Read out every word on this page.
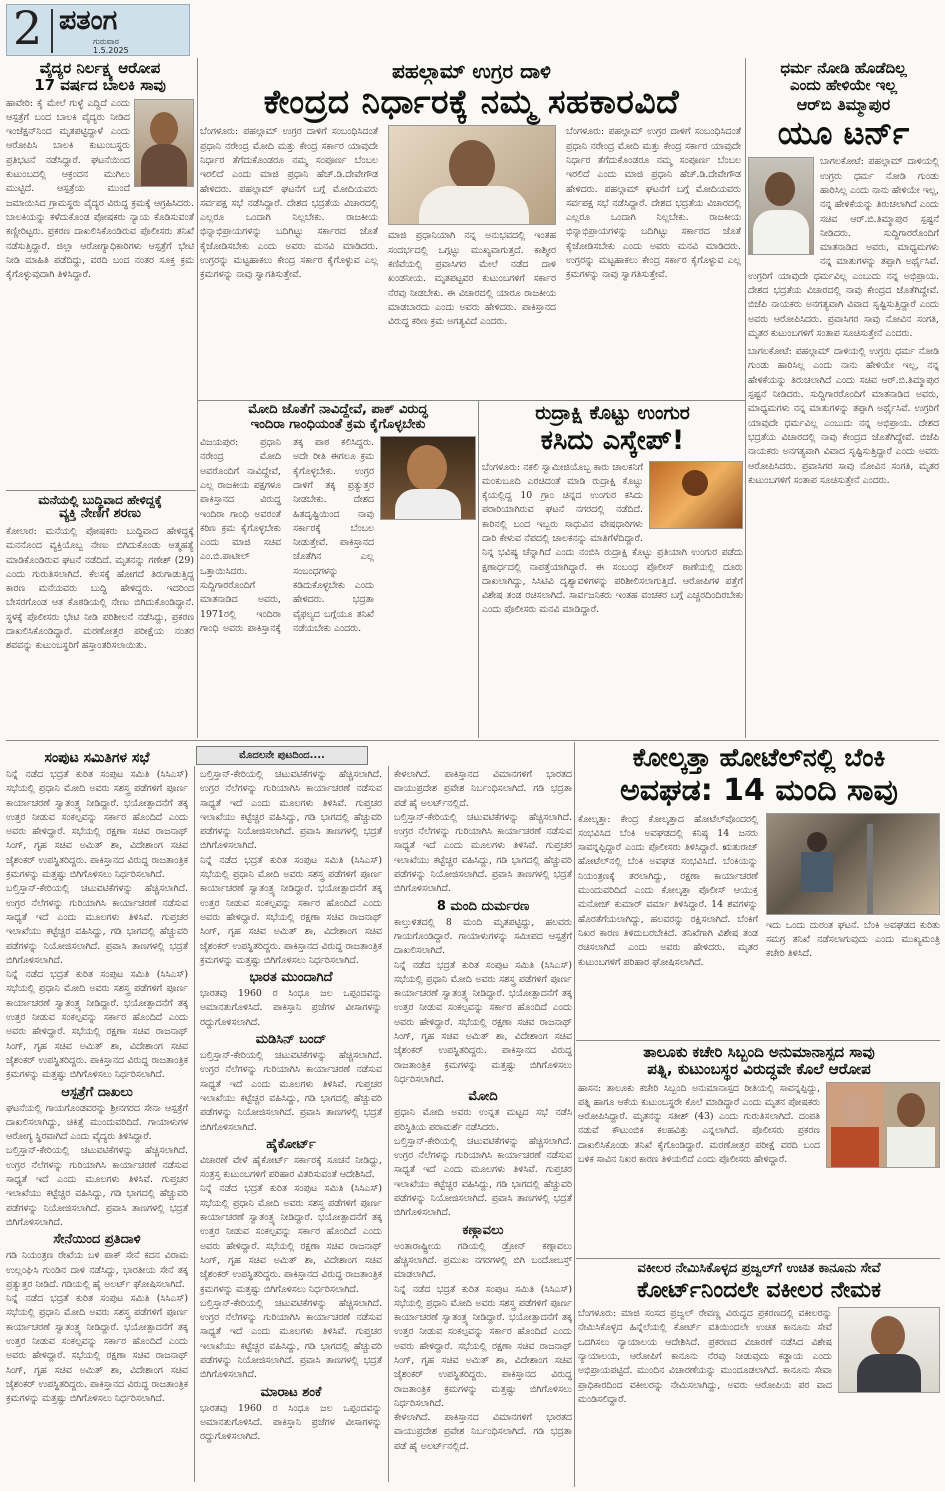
2 ಪತಂಗ
ಗುರುವಾರ
1.5.2025
ವೈದ್ಯರ ನಿರ್ಲಕ್ಷ್ಯ ಆರೋಪ
17 ವರ್ಷದ ಬಾಲಕಿ ಸಾವು
ಹಾವೇರಿ: ಕೈ ಮೇಲೆ ಗುಳ್ಳೆ ಎದ್ದಿದೆ ಎಂದು ಆಸ್ಪತ್ರೆಗೆ ಬಂದ ಬಾಲಕಿ ವೈದ್ಯರು ನೀಡಿದ ಇಂಜೆಕ್ಷನ್‌ನಿಂದ ಮೃತಪಟ್ಟಿದ್ದಾಳೆ ಎಂದು ಆರೋಪಿಸಿ ಬಾಲಕಿ ಕುಟುಂಬಸ್ಥರು ಪ್ರತಿಭಟನೆ ನಡೆಸಿದ್ದಾರೆ. ಘಟನೆಯಿಂದ ಕುಟುಂಬದಲ್ಲಿ ಆಕ್ರಂದನ ಮುಗಿಲು ಮುಟ್ಟಿದೆ. ಆಸ್ಪತ್ರೆಯ ಮುಂದೆ ಜಮಾಯಿಸಿದ ಗ್ರಾಮಸ್ಥರು ವೈದ್ಯರ ವಿರುದ್ಧ ಕ್ರಮಕ್ಕೆ ಆಗ್ರಹಿಸಿದರು. ಬಾಲಕಿಯನ್ನು ಕಳೆದುಕೊಂಡ ಪೋಷಕರು ನ್ಯಾಯ ಕೊಡಿಸುವಂತೆ ಕಣ್ಣೀರಿಟ್ಟರು. ಪ್ರಕರಣ ದಾಖಲಿಸಿಕೊಂಡಿರುವ ಪೊಲೀಸರು ತನಿಖೆ ನಡೆಸುತ್ತಿದ್ದಾರೆ. ಜಿಲ್ಲಾ ಆರೋಗ್ಯಾಧಿಕಾರಿಗಳು ಆಸ್ಪತ್ರೆಗೆ ಭೇಟಿ ನೀಡಿ ಮಾಹಿತಿ ಪಡೆದಿದ್ದು, ವರದಿ ಬಂದ ನಂತರ ಸೂಕ್ತ ಕ್ರಮ ಕೈಗೊಳ್ಳುವುದಾಗಿ ತಿಳಿಸಿದ್ದಾರೆ.
ಮನೆಯಲ್ಲಿ ಬುದ್ಧಿವಾದ ಹೇಳಿದ್ದಕ್ಕೆ
ವ್ಯಕ್ತಿ ನೇಣಿಗೆ ಶರಣು
ಕೋಲಾರ: ಮನೆಯಲ್ಲಿ ಪೋಷಕರು ಬುದ್ಧಿವಾದ ಹೇಳಿದ್ದಕ್ಕೆ ಮನನೊಂದ ವ್ಯಕ್ತಿಯೊಬ್ಬ ನೇಣು ಬಿಗಿದುಕೊಂಡು ಆತ್ಮಹತ್ಯೆ ಮಾಡಿಕೊಂಡಿರುವ ಘಟನೆ ನಡೆದಿದೆ. ಮೃತನನ್ನು ಗಣೇಶ್ (29) ಎಂದು ಗುರುತಿಸಲಾಗಿದೆ. ಕೆಲಸಕ್ಕೆ ಹೋಗದೆ ತಿರುಗಾಡುತ್ತಿದ್ದ ಕಾರಣ ಮನೆಯವರು ಬುದ್ಧಿ ಹೇಳಿದ್ದರು. ಇದರಿಂದ ಬೇಸರಗೊಂಡ ಆತ ಕೊಠಡಿಯಲ್ಲಿ ನೇಣು ಬಿಗಿದುಕೊಂಡಿದ್ದಾನೆ. ಸ್ಥಳಕ್ಕೆ ಪೊಲೀಸರು ಭೇಟಿ ನೀಡಿ ಪರಿಶೀಲನೆ ನಡೆಸಿದ್ದು, ಪ್ರಕರಣ ದಾಖಲಿಸಿಕೊಂಡಿದ್ದಾರೆ. ಮರಣೋತ್ತರ ಪರೀಕ್ಷೆಯ ನಂತರ ಶವವನ್ನು ಕುಟುಂಬಸ್ಥರಿಗೆ ಹಸ್ತಾಂತರಿಸಲಾಯಿತು.
ಪಹಲ್ಗಾಮ್ ಉಗ್ರರ ದಾಳಿ
ಕೇಂದ್ರದ ನಿರ್ಧಾರಕ್ಕೆ ನಮ್ಮ ಸಹಕಾರವಿದೆ
ಬೆಂಗಳೂರು: ಪಹಲ್ಗಾಮ್ ಉಗ್ರರ ದಾಳಿಗೆ ಸಂಬಂಧಿಸಿದಂತೆ ಪ್ರಧಾನಿ ನರೇಂದ್ರ ಮೋದಿ ಮತ್ತು ಕೇಂದ್ರ ಸರ್ಕಾರ ಯಾವುದೇ ನಿರ್ಧಾರ ತೆಗೆದುಕೊಂಡರೂ ನಮ್ಮ ಸಂಪೂರ್ಣ ಬೆಂಬಲ ಇರಲಿದೆ ಎಂದು ಮಾಜಿ ಪ್ರಧಾನಿ ಹೆಚ್.ಡಿ.ದೇವೇಗೌಡ ಹೇಳಿದರು. ಪಹಲ್ಗಾಮ್ ಘಟನೆಗೆ ಬಗ್ಗೆ ಮೋದಿಯವರು ಸರ್ವಪಕ್ಷ ಸಭೆ ನಡೆಸಿದ್ದಾರೆ. ದೇಶದ ಭದ್ರತೆಯ ವಿಚಾರದಲ್ಲಿ ಎಲ್ಲರೂ ಒಂದಾಗಿ ನಿಲ್ಲಬೇಕು. ರಾಜಕೀಯ ಭಿನ್ನಾಭಿಪ್ರಾಯಗಳನ್ನು ಬದಿಗಿಟ್ಟು ಸರ್ಕಾರದ ಜೊತೆ ಕೈಜೋಡಿಸಬೇಕು ಎಂದು ಅವರು ಮನವಿ ಮಾಡಿದರು. ಉಗ್ರರನ್ನು ಮಟ್ಟಹಾಕಲು ಕೇಂದ್ರ ಸರ್ಕಾರ ಕೈಗೊಳ್ಳುವ ಎಲ್ಲ ಕ್ರಮಗಳನ್ನು ನಾವು ಸ್ವಾಗತಿಸುತ್ತೇವೆ.
ಮಾಜಿ ಪ್ರಧಾನಿಯಾಗಿ ನನ್ನ ಅನುಭವದಲ್ಲಿ ಇಂತಹ ಸಂದರ್ಭದಲ್ಲಿ ಒಗ್ಗಟ್ಟು ಮುಖ್ಯವಾಗುತ್ತದೆ. ಕಾಶ್ಮೀರ ಕಣಿವೆಯಲ್ಲಿ ಪ್ರವಾಸಿಗರ ಮೇಲೆ ನಡೆದ ದಾಳಿ ಖಂಡನೀಯ. ಮೃತಪಟ್ಟವರ ಕುಟುಂಬಗಳಿಗೆ ಸರ್ಕಾರ ನೆರವು ನೀಡಬೇಕು. ಈ ವಿಚಾರದಲ್ಲಿ ಯಾರೂ ರಾಜಕೀಯ ಮಾಡಬಾರದು ಎಂದು ಅವರು ಹೇಳಿದರು. ಪಾಕಿಸ್ತಾನದ ವಿರುದ್ಧ ಕಠಿಣ ಕ್ರಮ ಅಗತ್ಯವಿದೆ ಎಂದರು.
ಬೆಂಗಳೂರು: ಪಹಲ್ಗಾಮ್ ಉಗ್ರರ ದಾಳಿಗೆ ಸಂಬಂಧಿಸಿದಂತೆ ಪ್ರಧಾನಿ ನರೇಂದ್ರ ಮೋದಿ ಮತ್ತು ಕೇಂದ್ರ ಸರ್ಕಾರ ಯಾವುದೇ ನಿರ್ಧಾರ ತೆಗೆದುಕೊಂಡರೂ ನಮ್ಮ ಸಂಪೂರ್ಣ ಬೆಂಬಲ ಇರಲಿದೆ ಎಂದು ಮಾಜಿ ಪ್ರಧಾನಿ ಹೆಚ್.ಡಿ.ದೇವೇಗೌಡ ಹೇಳಿದರು. ಪಹಲ್ಗಾಮ್ ಘಟನೆಗೆ ಬಗ್ಗೆ ಮೋದಿಯವರು ಸರ್ವಪಕ್ಷ ಸಭೆ ನಡೆಸಿದ್ದಾರೆ. ದೇಶದ ಭದ್ರತೆಯ ವಿಚಾರದಲ್ಲಿ ಎಲ್ಲರೂ ಒಂದಾಗಿ ನಿಲ್ಲಬೇಕು. ರಾಜಕೀಯ ಭಿನ್ನಾಭಿಪ್ರಾಯಗಳನ್ನು ಬದಿಗಿಟ್ಟು ಸರ್ಕಾರದ ಜೊತೆ ಕೈಜೋಡಿಸಬೇಕು ಎಂದು ಅವರು ಮನವಿ ಮಾಡಿದರು. ಉಗ್ರರನ್ನು ಮಟ್ಟಹಾಕಲು ಕೇಂದ್ರ ಸರ್ಕಾರ ಕೈಗೊಳ್ಳುವ ಎಲ್ಲ ಕ್ರಮಗಳನ್ನು ನಾವು ಸ್ವಾಗತಿಸುತ್ತೇವೆ.
ಧರ್ಮ ನೋಡಿ ಹೊಡೆದಿಲ್ಲ
ಎಂದು ಹೇಳಿಯೇ ಇಲ್ಲ
ಆರ್‌ಬಿ ತಿಮ್ಮಾಪುರ
ಯೂ ಟರ್ನ್
ಬಾಗಲಕೋಟೆ: ಪಹಲ್ಗಾಮ್ ದಾಳಿಯಲ್ಲಿ ಉಗ್ರರು ಧರ್ಮ ನೋಡಿ ಗುಂಡು ಹಾರಿಸಿಲ್ಲ ಎಂದು ನಾನು ಹೇಳಿಯೇ ಇಲ್ಲ, ನನ್ನ ಹೇಳಿಕೆಯನ್ನು ತಿರುಚಲಾಗಿದೆ ಎಂದು ಸಚಿವ ಆರ್.ಬಿ.ತಿಮ್ಮಾಪುರ ಸ್ಪಷ್ಟನೆ ನೀಡಿದರು. ಸುದ್ದಿಗಾರರೊಂದಿಗೆ ಮಾತನಾಡಿದ ಅವರು, ಮಾಧ್ಯಮಗಳು ನನ್ನ ಮಾತುಗಳನ್ನು ತಪ್ಪಾಗಿ ಅರ್ಥೈಸಿವೆ. ಉಗ್ರರಿಗೆ ಯಾವುದೇ ಧರ್ಮವಿಲ್ಲ ಎಂಬುದು ನನ್ನ ಅಭಿಪ್ರಾಯ. ದೇಶದ ಭದ್ರತೆಯ ವಿಚಾರದಲ್ಲಿ ನಾವು ಕೇಂದ್ರದ ಜೊತೆಗಿದ್ದೇವೆ. ಬಿಜೆಪಿ ನಾಯಕರು ಅನಗತ್ಯವಾಗಿ ವಿವಾದ ಸೃಷ್ಟಿಸುತ್ತಿದ್ದಾರೆ ಎಂದು ಅವರು ಆರೋಪಿಸಿದರು. ಪ್ರವಾಸಿಗರ ಸಾವು ನೋವಿನ ಸಂಗತಿ, ಮೃತರ ಕುಟುಂಬಗಳಿಗೆ ಸಂತಾಪ ಸೂಚಿಸುತ್ತೇನೆ ಎಂದರು.
ಬಾಗಲಕೋಟೆ: ಪಹಲ್ಗಾಮ್ ದಾಳಿಯಲ್ಲಿ ಉಗ್ರರು ಧರ್ಮ ನೋಡಿ ಗುಂಡು ಹಾರಿಸಿಲ್ಲ ಎಂದು ನಾನು ಹೇಳಿಯೇ ಇಲ್ಲ, ನನ್ನ ಹೇಳಿಕೆಯನ್ನು ತಿರುಚಲಾಗಿದೆ ಎಂದು ಸಚಿವ ಆರ್.ಬಿ.ತಿಮ್ಮಾಪುರ ಸ್ಪಷ್ಟನೆ ನೀಡಿದರು. ಸುದ್ದಿಗಾರರೊಂದಿಗೆ ಮಾತನಾಡಿದ ಅವರು, ಮಾಧ್ಯಮಗಳು ನನ್ನ ಮಾತುಗಳನ್ನು ತಪ್ಪಾಗಿ ಅರ್ಥೈಸಿವೆ. ಉಗ್ರರಿಗೆ ಯಾವುದೇ ಧರ್ಮವಿಲ್ಲ ಎಂಬುದು ನನ್ನ ಅಭಿಪ್ರಾಯ. ದೇಶದ ಭದ್ರತೆಯ ವಿಚಾರದಲ್ಲಿ ನಾವು ಕೇಂದ್ರದ ಜೊತೆಗಿದ್ದೇವೆ. ಬಿಜೆಪಿ ನಾಯಕರು ಅನಗತ್ಯವಾಗಿ ವಿವಾದ ಸೃಷ್ಟಿಸುತ್ತಿದ್ದಾರೆ ಎಂದು ಅವರು ಆರೋಪಿಸಿದರು. ಪ್ರವಾಸಿಗರ ಸಾವು ನೋವಿನ ಸಂಗತಿ, ಮೃತರ ಕುಟುಂಬಗಳಿಗೆ ಸಂತಾಪ ಸೂಚಿಸುತ್ತೇನೆ ಎಂದರು.
ಮೋದಿ ಜೊತೆಗೆ ನಾವಿದ್ದೇವೆ, ಪಾಕ್ ವಿರುದ್ಧ
ಇಂದಿರಾ ಗಾಂಧಿಯಂತೆ ಕ್ರಮ ಕೈಗೊಳ್ಳಬೇಕು
ವಿಜಯಪುರ: ಪ್ರಧಾನಿ ನರೇಂದ್ರ ಮೋದಿ ಅವರೊಂದಿಗೆ ನಾವಿದ್ದೇವೆ, ಎಲ್ಲ ರಾಜಕೀಯ ಪಕ್ಷಗಳೂ ಪಾಕಿಸ್ತಾನದ ವಿರುದ್ಧ ಇಂದಿರಾ ಗಾಂಧಿ ಅವರಂತೆ ಕಠಿಣ ಕ್ರಮ ಕೈಗೊಳ್ಳಬೇಕು ಎಂದು ಮಾಜಿ ಸಚಿವ ಎಂ.ಬಿ.ಪಾಟೀಲ್ ಒತ್ತಾಯಿಸಿದರು. ಸುದ್ದಿಗಾರರೊಂದಿಗೆ ಮಾತನಾಡಿದ ಅವರು, 1971ರಲ್ಲಿ ಇಂದಿರಾ ಗಾಂಧಿ ಅವರು ಪಾಕಿಸ್ತಾನಕ್ಕೆ ತಕ್ಕ ಪಾಠ ಕಲಿಸಿದ್ದರು. ಅದೇ ರೀತಿ ಈಗಲೂ ಕ್ರಮ ಕೈಗೊಳ್ಳಬೇಕು. ಉಗ್ರರ ದಾಳಿಗೆ ತಕ್ಕ ಪ್ರತ್ಯುತ್ತರ ನೀಡಬೇಕು. ದೇಶದ ಹಿತದೃಷ್ಟಿಯಿಂದ ನಾವು ಸರ್ಕಾರಕ್ಕೆ ಬೆಂಬಲ ನೀಡುತ್ತೇವೆ. ಪಾಕಿಸ್ತಾನದ ಜೊತೆಗಿನ ಎಲ್ಲ ಸಂಬಂಧಗಳನ್ನು ಕಡಿದುಕೊಳ್ಳಬೇಕು ಎಂದು ಹೇಳಿದರು. ಭದ್ರತಾ ವೈಫಲ್ಯದ ಬಗ್ಗೆಯೂ ತನಿಖೆ ನಡೆಯಬೇಕು ಎಂದರು.
ರುದ್ರಾಕ್ಷಿ ಕೊಟ್ಟು ಉಂಗುರ
ಕಸಿದು ಎಸ್ಕೇಪ್!
ಬೆಂಗಳೂರು: ನಕಲಿ ಸ್ವಾಮೀಜಿಯೊಬ್ಬ ಕಾರು ಚಾಲಕನಿಗೆ ಮಂಕುಬೂದಿ ಎರಚಿದಂತೆ ಮಾಡಿ ರುದ್ರಾಕ್ಷಿ ಕೊಟ್ಟು ಕೈಯಲ್ಲಿದ್ದ 10 ಗ್ರಾಂ ಚಿನ್ನದ ಉಂಗುರ ಕಸಿದು ಪರಾರಿಯಾಗಿರುವ ಘಟನೆ ನಗರದಲ್ಲಿ ನಡೆದಿದೆ. ಕಾರಿನಲ್ಲಿ ಬಂದ ಇಬ್ಬರು ಸಾಧುವಿನ ವೇಷಧಾರಿಗಳು ದಾರಿ ಕೇಳುವ ನೆಪದಲ್ಲಿ ಚಾಲಕನನ್ನು ಮಾತಿಗೆಳೆದಿದ್ದಾರೆ. ನಿನ್ನ ಭವಿಷ್ಯ ಚೆನ್ನಾಗಿದೆ ಎಂದು ನಂಬಿಸಿ ರುದ್ರಾಕ್ಷಿ ಕೊಟ್ಟು ಪ್ರತಿಯಾಗಿ ಉಂಗುರ ಪಡೆದು ಕ್ಷಣಾರ್ಧದಲ್ಲಿ ನಾಪತ್ತೆಯಾಗಿದ್ದಾರೆ. ಈ ಸಂಬಂಧ ಪೊಲೀಸ್ ಠಾಣೆಯಲ್ಲಿ ದೂರು ದಾಖಲಾಗಿದ್ದು, ಸಿಸಿಟಿವಿ ದೃಶ್ಯಾವಳಿಗಳನ್ನು ಪರಿಶೀಲಿಸಲಾಗುತ್ತಿದೆ. ಆರೋಪಿಗಳ ಪತ್ತೆಗೆ ವಿಶೇಷ ತಂಡ ರಚಿಸಲಾಗಿದೆ. ಸಾರ್ವಜನಿಕರು ಇಂತಹ ವಂಚಕರ ಬಗ್ಗೆ ಎಚ್ಚರದಿಂದಿರಬೇಕು ಎಂದು ಪೊಲೀಸರು ಮನವಿ ಮಾಡಿದ್ದಾರೆ.
ಮೊದಲನೇ ಪುಟದಿಂದ....
ಸಂಪುಟ ಸಮಿತಿಗಳ ಸಭೆ
ನಿನ್ನೆ ನಡೆದ ಭದ್ರತೆ ಕುರಿತ ಸಂಪುಟ ಸಮಿತಿ (ಸಿಸಿಎಸ್) ಸಭೆಯಲ್ಲಿ ಪ್ರಧಾನಿ ಮೋದಿ ಅವರು ಸಶಸ್ತ್ರ ಪಡೆಗಳಿಗೆ ಪೂರ್ಣ ಕಾರ್ಯಾಚರಣೆ ಸ್ವಾತಂತ್ರ್ಯ ನೀಡಿದ್ದಾರೆ. ಭಯೋತ್ಪಾದನೆಗೆ ತಕ್ಕ ಉತ್ತರ ನೀಡುವ ಸಂಕಲ್ಪವನ್ನು ಸರ್ಕಾರ ಹೊಂದಿದೆ ಎಂದು ಅವರು ಹೇಳಿದ್ದಾರೆ. ಸಭೆಯಲ್ಲಿ ರಕ್ಷಣಾ ಸಚಿವ ರಾಜನಾಥ್ ಸಿಂಗ್, ಗೃಹ ಸಚಿವ ಅಮಿತ್ ಶಾ, ವಿದೇಶಾಂಗ ಸಚಿವ ಜೈಶಂಕರ್ ಉಪಸ್ಥಿತರಿದ್ದರು. ಪಾಕಿಸ್ತಾನದ ವಿರುದ್ಧ ರಾಜತಾಂತ್ರಿಕ ಕ್ರಮಗಳನ್ನು ಮತ್ತಷ್ಟು ಬಿಗಿಗೊಳಿಸಲು ನಿರ್ಧರಿಸಲಾಗಿದೆ.
ಬಲ್ತಿಸ್ತಾನ್-ಕೇರಿಯಲ್ಲಿ ಚಟುವಟಿಕೆಗಳನ್ನು ಹೆಚ್ಚಿಸಲಾಗಿದೆ. ಉಗ್ರರ ನೆಲೆಗಳನ್ನು ಗುರಿಯಾಗಿಸಿ ಕಾರ್ಯಾಚರಣೆ ನಡೆಸುವ ಸಾಧ್ಯತೆ ಇದೆ ಎಂದು ಮೂಲಗಳು ತಿಳಿಸಿವೆ. ಗುಪ್ತಚರ ಇಲಾಖೆಯು ಕಟ್ಟೆಚ್ಚರ ವಹಿಸಿದ್ದು, ಗಡಿ ಭಾಗದಲ್ಲಿ ಹೆಚ್ಚುವರಿ ಪಡೆಗಳನ್ನು ನಿಯೋಜಿಸಲಾಗಿದೆ. ಪ್ರವಾಸಿ ತಾಣಗಳಲ್ಲಿ ಭದ್ರತೆ ಬಿಗಿಗೊಳಿಸಲಾಗಿದೆ.
ನಿನ್ನೆ ನಡೆದ ಭದ್ರತೆ ಕುರಿತ ಸಂಪುಟ ಸಮಿತಿ (ಸಿಸಿಎಸ್) ಸಭೆಯಲ್ಲಿ ಪ್ರಧಾನಿ ಮೋದಿ ಅವರು ಸಶಸ್ತ್ರ ಪಡೆಗಳಿಗೆ ಪೂರ್ಣ ಕಾರ್ಯಾಚರಣೆ ಸ್ವಾತಂತ್ರ್ಯ ನೀಡಿದ್ದಾರೆ. ಭಯೋತ್ಪಾದನೆಗೆ ತಕ್ಕ ಉತ್ತರ ನೀಡುವ ಸಂಕಲ್ಪವನ್ನು ಸರ್ಕಾರ ಹೊಂದಿದೆ ಎಂದು ಅವರು ಹೇಳಿದ್ದಾರೆ. ಸಭೆಯಲ್ಲಿ ರಕ್ಷಣಾ ಸಚಿವ ರಾಜನಾಥ್ ಸಿಂಗ್, ಗೃಹ ಸಚಿವ ಅಮಿತ್ ಶಾ, ವಿದೇಶಾಂಗ ಸಚಿವ ಜೈಶಂಕರ್ ಉಪಸ್ಥಿತರಿದ್ದರು. ಪಾಕಿಸ್ತಾನದ ವಿರುದ್ಧ ರಾಜತಾಂತ್ರಿಕ ಕ್ರಮಗಳನ್ನು ಮತ್ತಷ್ಟು ಬಿಗಿಗೊಳಿಸಲು ನಿರ್ಧರಿಸಲಾಗಿದೆ.
ಆಸ್ಪತ್ರೆಗೆ ದಾಖಲು
ಘಟನೆಯಲ್ಲಿ ಗಾಯಗೊಂಡವರನ್ನು ಶ್ರೀನಗರದ ಸೇನಾ ಆಸ್ಪತ್ರೆಗೆ ದಾಖಲಿಸಲಾಗಿದ್ದು, ಚಿಕಿತ್ಸೆ ಮುಂದುವರಿದಿದೆ. ಗಾಯಾಳುಗಳ ಆರೋಗ್ಯ ಸ್ಥಿರವಾಗಿದೆ ಎಂದು ವೈದ್ಯರು ತಿಳಿಸಿದ್ದಾರೆ.
ಬಲ್ತಿಸ್ತಾನ್-ಕೇರಿಯಲ್ಲಿ ಚಟುವಟಿಕೆಗಳನ್ನು ಹೆಚ್ಚಿಸಲಾಗಿದೆ. ಉಗ್ರರ ನೆಲೆಗಳನ್ನು ಗುರಿಯಾಗಿಸಿ ಕಾರ್ಯಾಚರಣೆ ನಡೆಸುವ ಸಾಧ್ಯತೆ ಇದೆ ಎಂದು ಮೂಲಗಳು ತಿಳಿಸಿವೆ. ಗುಪ್ತಚರ ಇಲಾಖೆಯು ಕಟ್ಟೆಚ್ಚರ ವಹಿಸಿದ್ದು, ಗಡಿ ಭಾಗದಲ್ಲಿ ಹೆಚ್ಚುವರಿ ಪಡೆಗಳನ್ನು ನಿಯೋಜಿಸಲಾಗಿದೆ. ಪ್ರವಾಸಿ ತಾಣಗಳಲ್ಲಿ ಭದ್ರತೆ ಬಿಗಿಗೊಳಿಸಲಾಗಿದೆ.
ಸೇನೆಯಿಂದ ಪ್ರತಿದಾಳಿ
ಗಡಿ ನಿಯಂತ್ರಣ ರೇಖೆಯ ಬಳಿ ಪಾಕ್ ಸೇನೆ ಕದನ ವಿರಾಮ ಉಲ್ಲಂಘಿಸಿ ಗುಂಡಿನ ದಾಳಿ ನಡೆಸಿದ್ದು, ಭಾರತೀಯ ಸೇನೆ ತಕ್ಕ ಪ್ರತ್ಯುತ್ತರ ನೀಡಿದೆ. ಗಡಿಯಲ್ಲಿ ಹೈ ಅಲರ್ಟ್ ಘೋಷಿಸಲಾಗಿದೆ.
ನಿನ್ನೆ ನಡೆದ ಭದ್ರತೆ ಕುರಿತ ಸಂಪುಟ ಸಮಿತಿ (ಸಿಸಿಎಸ್) ಸಭೆಯಲ್ಲಿ ಪ್ರಧಾನಿ ಮೋದಿ ಅವರು ಸಶಸ್ತ್ರ ಪಡೆಗಳಿಗೆ ಪೂರ್ಣ ಕಾರ್ಯಾಚರಣೆ ಸ್ವಾತಂತ್ರ್ಯ ನೀಡಿದ್ದಾರೆ. ಭಯೋತ್ಪಾದನೆಗೆ ತಕ್ಕ ಉತ್ತರ ನೀಡುವ ಸಂಕಲ್ಪವನ್ನು ಸರ್ಕಾರ ಹೊಂದಿದೆ ಎಂದು ಅವರು ಹೇಳಿದ್ದಾರೆ. ಸಭೆಯಲ್ಲಿ ರಕ್ಷಣಾ ಸಚಿವ ರಾಜನಾಥ್ ಸಿಂಗ್, ಗೃಹ ಸಚಿವ ಅಮಿತ್ ಶಾ, ವಿದೇಶಾಂಗ ಸಚಿವ ಜೈಶಂಕರ್ ಉಪಸ್ಥಿತರಿದ್ದರು. ಪಾಕಿಸ್ತಾನದ ವಿರುದ್ಧ ರಾಜತಾಂತ್ರಿಕ ಕ್ರಮಗಳನ್ನು ಮತ್ತಷ್ಟು ಬಿಗಿಗೊಳಿಸಲು ನಿರ್ಧರಿಸಲಾಗಿದೆ.
ಬಲ್ತಿಸ್ತಾನ್-ಕೇರಿಯಲ್ಲಿ ಚಟುವಟಿಕೆಗಳನ್ನು ಹೆಚ್ಚಿಸಲಾಗಿದೆ. ಉಗ್ರರ ನೆಲೆಗಳನ್ನು ಗುರಿಯಾಗಿಸಿ ಕಾರ್ಯಾಚರಣೆ ನಡೆಸುವ ಸಾಧ್ಯತೆ ಇದೆ ಎಂದು ಮೂಲಗಳು ತಿಳಿಸಿವೆ. ಗುಪ್ತಚರ ಇಲಾಖೆಯು ಕಟ್ಟೆಚ್ಚರ ವಹಿಸಿದ್ದು, ಗಡಿ ಭಾಗದಲ್ಲಿ ಹೆಚ್ಚುವರಿ ಪಡೆಗಳನ್ನು ನಿಯೋಜಿಸಲಾಗಿದೆ. ಪ್ರವಾಸಿ ತಾಣಗಳಲ್ಲಿ ಭದ್ರತೆ ಬಿಗಿಗೊಳಿಸಲಾಗಿದೆ.
ನಿನ್ನೆ ನಡೆದ ಭದ್ರತೆ ಕುರಿತ ಸಂಪುಟ ಸಮಿತಿ (ಸಿಸಿಎಸ್) ಸಭೆಯಲ್ಲಿ ಪ್ರಧಾನಿ ಮೋದಿ ಅವರು ಸಶಸ್ತ್ರ ಪಡೆಗಳಿಗೆ ಪೂರ್ಣ ಕಾರ್ಯಾಚರಣೆ ಸ್ವಾತಂತ್ರ್ಯ ನೀಡಿದ್ದಾರೆ. ಭಯೋತ್ಪಾದನೆಗೆ ತಕ್ಕ ಉತ್ತರ ನೀಡುವ ಸಂಕಲ್ಪವನ್ನು ಸರ್ಕಾರ ಹೊಂದಿದೆ ಎಂದು ಅವರು ಹೇಳಿದ್ದಾರೆ. ಸಭೆಯಲ್ಲಿ ರಕ್ಷಣಾ ಸಚಿವ ರಾಜನಾಥ್ ಸಿಂಗ್, ಗೃಹ ಸಚಿವ ಅಮಿತ್ ಶಾ, ವಿದೇಶಾಂಗ ಸಚಿವ ಜೈಶಂಕರ್ ಉಪಸ್ಥಿತರಿದ್ದರು. ಪಾಕಿಸ್ತಾನದ ವಿರುದ್ಧ ರಾಜತಾಂತ್ರಿಕ ಕ್ರಮಗಳನ್ನು ಮತ್ತಷ್ಟು ಬಿಗಿಗೊಳಿಸಲು ನಿರ್ಧರಿಸಲಾಗಿದೆ.
ಭಾರತ ಮುಂದಾಗಿದೆ
ಭಾರತವು 1960 ರ ಸಿಂಧೂ ಜಲ ಒಪ್ಪಂದವನ್ನು ಅಮಾನತುಗೊಳಿಸಿದೆ. ಪಾಕಿಸ್ತಾನಿ ಪ್ರಜೆಗಳ ವೀಸಾಗಳನ್ನು ರದ್ದುಗೊಳಿಸಲಾಗಿದೆ.
ಮಡಿಸಿನ್ ಬಂದ್
ಬಲ್ತಿಸ್ತಾನ್-ಕೇರಿಯಲ್ಲಿ ಚಟುವಟಿಕೆಗಳನ್ನು ಹೆಚ್ಚಿಸಲಾಗಿದೆ. ಉಗ್ರರ ನೆಲೆಗಳನ್ನು ಗುರಿಯಾಗಿಸಿ ಕಾರ್ಯಾಚರಣೆ ನಡೆಸುವ ಸಾಧ್ಯತೆ ಇದೆ ಎಂದು ಮೂಲಗಳು ತಿಳಿಸಿವೆ. ಗುಪ್ತಚರ ಇಲಾಖೆಯು ಕಟ್ಟೆಚ್ಚರ ವಹಿಸಿದ್ದು, ಗಡಿ ಭಾಗದಲ್ಲಿ ಹೆಚ್ಚುವರಿ ಪಡೆಗಳನ್ನು ನಿಯೋಜಿಸಲಾಗಿದೆ. ಪ್ರವಾಸಿ ತಾಣಗಳಲ್ಲಿ ಭದ್ರತೆ ಬಿಗಿಗೊಳಿಸಲಾಗಿದೆ.
ಹೈಕೋರ್ಟ್
ವಿಚಾರಣೆ ವೇಳೆ ಹೈಕೋರ್ಟ್ ಸರ್ಕಾರಕ್ಕೆ ಸೂಚನೆ ನೀಡಿದ್ದು, ಸಂತ್ರಸ್ತ ಕುಟುಂಬಗಳಿಗೆ ಪರಿಹಾರ ವಿತರಿಸುವಂತೆ ಆದೇಶಿಸಿದೆ.
ನಿನ್ನೆ ನಡೆದ ಭದ್ರತೆ ಕುರಿತ ಸಂಪುಟ ಸಮಿತಿ (ಸಿಸಿಎಸ್) ಸಭೆಯಲ್ಲಿ ಪ್ರಧಾನಿ ಮೋದಿ ಅವರು ಸಶಸ್ತ್ರ ಪಡೆಗಳಿಗೆ ಪೂರ್ಣ ಕಾರ್ಯಾಚರಣೆ ಸ್ವಾತಂತ್ರ್ಯ ನೀಡಿದ್ದಾರೆ. ಭಯೋತ್ಪಾದನೆಗೆ ತಕ್ಕ ಉತ್ತರ ನೀಡುವ ಸಂಕಲ್ಪವನ್ನು ಸರ್ಕಾರ ಹೊಂದಿದೆ ಎಂದು ಅವರು ಹೇಳಿದ್ದಾರೆ. ಸಭೆಯಲ್ಲಿ ರಕ್ಷಣಾ ಸಚಿವ ರಾಜನಾಥ್ ಸಿಂಗ್, ಗೃಹ ಸಚಿವ ಅಮಿತ್ ಶಾ, ವಿದೇಶಾಂಗ ಸಚಿವ ಜೈಶಂಕರ್ ಉಪಸ್ಥಿತರಿದ್ದರು. ಪಾಕಿಸ್ತಾನದ ವಿರುದ್ಧ ರಾಜತಾಂತ್ರಿಕ ಕ್ರಮಗಳನ್ನು ಮತ್ತಷ್ಟು ಬಿಗಿಗೊಳಿಸಲು ನಿರ್ಧರಿಸಲಾಗಿದೆ.
ಬಲ್ತಿಸ್ತಾನ್-ಕೇರಿಯಲ್ಲಿ ಚಟುವಟಿಕೆಗಳನ್ನು ಹೆಚ್ಚಿಸಲಾಗಿದೆ. ಉಗ್ರರ ನೆಲೆಗಳನ್ನು ಗುರಿಯಾಗಿಸಿ ಕಾರ್ಯಾಚರಣೆ ನಡೆಸುವ ಸಾಧ್ಯತೆ ಇದೆ ಎಂದು ಮೂಲಗಳು ತಿಳಿಸಿವೆ. ಗುಪ್ತಚರ ಇಲಾಖೆಯು ಕಟ್ಟೆಚ್ಚರ ವಹಿಸಿದ್ದು, ಗಡಿ ಭಾಗದಲ್ಲಿ ಹೆಚ್ಚುವರಿ ಪಡೆಗಳನ್ನು ನಿಯೋಜಿಸಲಾಗಿದೆ. ಪ್ರವಾಸಿ ತಾಣಗಳಲ್ಲಿ ಭದ್ರತೆ ಬಿಗಿಗೊಳಿಸಲಾಗಿದೆ.
ಮಾರಾಟ ಶಂಕೆ
ಭಾರತವು 1960 ರ ಸಿಂಧೂ ಜಲ ಒಪ್ಪಂದವನ್ನು ಅಮಾನತುಗೊಳಿಸಿದೆ. ಪಾಕಿಸ್ತಾನಿ ಪ್ರಜೆಗಳ ವೀಸಾಗಳನ್ನು ರದ್ದುಗೊಳಿಸಲಾಗಿದೆ.
ಕೇಳಲಾಗಿದೆ. ಪಾಕಿಸ್ತಾನದ ವಿಮಾನಗಳಿಗೆ ಭಾರತದ ವಾಯುಪ್ರದೇಶ ಪ್ರವೇಶ ನಿರ್ಬಂಧಿಸಲಾಗಿದೆ. ಗಡಿ ಭದ್ರತಾ ಪಡೆ ಹೈ ಅಲರ್ಟ್‌ನಲ್ಲಿದೆ.
ಬಲ್ತಿಸ್ತಾನ್-ಕೇರಿಯಲ್ಲಿ ಚಟುವಟಿಕೆಗಳನ್ನು ಹೆಚ್ಚಿಸಲಾಗಿದೆ. ಉಗ್ರರ ನೆಲೆಗಳನ್ನು ಗುರಿಯಾಗಿಸಿ ಕಾರ್ಯಾಚರಣೆ ನಡೆಸುವ ಸಾಧ್ಯತೆ ಇದೆ ಎಂದು ಮೂಲಗಳು ತಿಳಿಸಿವೆ. ಗುಪ್ತಚರ ಇಲಾಖೆಯು ಕಟ್ಟೆಚ್ಚರ ವಹಿಸಿದ್ದು, ಗಡಿ ಭಾಗದಲ್ಲಿ ಹೆಚ್ಚುವರಿ ಪಡೆಗಳನ್ನು ನಿಯೋಜಿಸಲಾಗಿದೆ. ಪ್ರವಾಸಿ ತಾಣಗಳಲ್ಲಿ ಭದ್ರತೆ ಬಿಗಿಗೊಳಿಸಲಾಗಿದೆ.
8 ಮಂದಿ ದುರ್ಮರಣ
ಕಾಲ್ತುಳಿತದಲ್ಲಿ 8 ಮಂದಿ ಮೃತಪಟ್ಟಿದ್ದು, ಹಲವರು ಗಾಯಗೊಂಡಿದ್ದಾರೆ. ಗಾಯಾಳುಗಳನ್ನು ಸಮೀಪದ ಆಸ್ಪತ್ರೆಗೆ ದಾಖಲಿಸಲಾಗಿದೆ.
ನಿನ್ನೆ ನಡೆದ ಭದ್ರತೆ ಕುರಿತ ಸಂಪುಟ ಸಮಿತಿ (ಸಿಸಿಎಸ್) ಸಭೆಯಲ್ಲಿ ಪ್ರಧಾನಿ ಮೋದಿ ಅವರು ಸಶಸ್ತ್ರ ಪಡೆಗಳಿಗೆ ಪೂರ್ಣ ಕಾರ್ಯಾಚರಣೆ ಸ್ವಾತಂತ್ರ್ಯ ನೀಡಿದ್ದಾರೆ. ಭಯೋತ್ಪಾದನೆಗೆ ತಕ್ಕ ಉತ್ತರ ನೀಡುವ ಸಂಕಲ್ಪವನ್ನು ಸರ್ಕಾರ ಹೊಂದಿದೆ ಎಂದು ಅವರು ಹೇಳಿದ್ದಾರೆ. ಸಭೆಯಲ್ಲಿ ರಕ್ಷಣಾ ಸಚಿವ ರಾಜನಾಥ್ ಸಿಂಗ್, ಗೃಹ ಸಚಿವ ಅಮಿತ್ ಶಾ, ವಿದೇಶಾಂಗ ಸಚಿವ ಜೈಶಂಕರ್ ಉಪಸ್ಥಿತರಿದ್ದರು. ಪಾಕಿಸ್ತಾನದ ವಿರುದ್ಧ ರಾಜತಾಂತ್ರಿಕ ಕ್ರಮಗಳನ್ನು ಮತ್ತಷ್ಟು ಬಿಗಿಗೊಳಿಸಲು ನಿರ್ಧರಿಸಲಾಗಿದೆ.
ಮೋದಿ
ಪ್ರಧಾನಿ ಮೋದಿ ಅವರು ಉನ್ನತ ಮಟ್ಟದ ಸಭೆ ನಡೆಸಿ ಪರಿಸ್ಥಿತಿಯ ಪರಾಮರ್ಶೆ ನಡೆಸಿದರು.
ಬಲ್ತಿಸ್ತಾನ್-ಕೇರಿಯಲ್ಲಿ ಚಟುವಟಿಕೆಗಳನ್ನು ಹೆಚ್ಚಿಸಲಾಗಿದೆ. ಉಗ್ರರ ನೆಲೆಗಳನ್ನು ಗುರಿಯಾಗಿಸಿ ಕಾರ್ಯಾಚರಣೆ ನಡೆಸುವ ಸಾಧ್ಯತೆ ಇದೆ ಎಂದು ಮೂಲಗಳು ತಿಳಿಸಿವೆ. ಗುಪ್ತಚರ ಇಲಾಖೆಯು ಕಟ್ಟೆಚ್ಚರ ವಹಿಸಿದ್ದು, ಗಡಿ ಭಾಗದಲ್ಲಿ ಹೆಚ್ಚುವರಿ ಪಡೆಗಳನ್ನು ನಿಯೋಜಿಸಲಾಗಿದೆ. ಪ್ರವಾಸಿ ತಾಣಗಳಲ್ಲಿ ಭದ್ರತೆ ಬಿಗಿಗೊಳಿಸಲಾಗಿದೆ.
ಕಣ್ಗಾವಲು
ಅಂತಾರಾಷ್ಟ್ರೀಯ ಗಡಿಯಲ್ಲಿ ಡ್ರೋನ್ ಕಣ್ಗಾವಲು ಹೆಚ್ಚಿಸಲಾಗಿದೆ. ಪ್ರಮುಖ ನಗರಗಳಲ್ಲಿ ಬಿಗಿ ಬಂದೋಬಸ್ತ್ ಮಾಡಲಾಗಿದೆ.
ನಿನ್ನೆ ನಡೆದ ಭದ್ರತೆ ಕುರಿತ ಸಂಪುಟ ಸಮಿತಿ (ಸಿಸಿಎಸ್) ಸಭೆಯಲ್ಲಿ ಪ್ರಧಾನಿ ಮೋದಿ ಅವರು ಸಶಸ್ತ್ರ ಪಡೆಗಳಿಗೆ ಪೂರ್ಣ ಕಾರ್ಯಾಚರಣೆ ಸ್ವಾತಂತ್ರ್ಯ ನೀಡಿದ್ದಾರೆ. ಭಯೋತ್ಪಾದನೆಗೆ ತಕ್ಕ ಉತ್ತರ ನೀಡುವ ಸಂಕಲ್ಪವನ್ನು ಸರ್ಕಾರ ಹೊಂದಿದೆ ಎಂದು ಅವರು ಹೇಳಿದ್ದಾರೆ. ಸಭೆಯಲ್ಲಿ ರಕ್ಷಣಾ ಸಚಿವ ರಾಜನಾಥ್ ಸಿಂಗ್, ಗೃಹ ಸಚಿವ ಅಮಿತ್ ಶಾ, ವಿದೇಶಾಂಗ ಸಚಿವ ಜೈಶಂಕರ್ ಉಪಸ್ಥಿತರಿದ್ದರು. ಪಾಕಿಸ್ತಾನದ ವಿರುದ್ಧ ರಾಜತಾಂತ್ರಿಕ ಕ್ರಮಗಳನ್ನು ಮತ್ತಷ್ಟು ಬಿಗಿಗೊಳಿಸಲು ನಿರ್ಧರಿಸಲಾಗಿದೆ.
ಕೇಳಲಾಗಿದೆ. ಪಾಕಿಸ್ತಾನದ ವಿಮಾನಗಳಿಗೆ ಭಾರತದ ವಾಯುಪ್ರದೇಶ ಪ್ರವೇಶ ನಿರ್ಬಂಧಿಸಲಾಗಿದೆ. ಗಡಿ ಭದ್ರತಾ ಪಡೆ ಹೈ ಅಲರ್ಟ್‌ನಲ್ಲಿದೆ.
ಕೋಲ್ಕತ್ತಾ ಹೋಟೆಲ್‌ನಲ್ಲಿ ಬೆಂಕಿ
ಅವಘಡ: 14 ಮಂದಿ ಸಾವು
ಕೋಲ್ಕತ್ತಾ: ಕೇಂದ್ರ ಕೋಲ್ಕತ್ತಾದ ಹೋಟೆಲ್‌ವೊಂದರಲ್ಲಿ ಸಂಭವಿಸಿದ ಬೆಂಕಿ ಅವಘಡದಲ್ಲಿ ಕನಿಷ್ಠ 14 ಜನರು ಸಾವನ್ನಪ್ಪಿದ್ದಾರೆ ಎಂದು ಪೊಲೀಸರು ತಿಳಿಸಿದ್ದಾರೆ. ಋತುರಾಜ್ ಹೋಟೆಲ್‌ನಲ್ಲಿ ಬೆಂಕಿ ಅವಘಡ ಸಂಭವಿಸಿದೆ. ಬೆಂಕಿಯನ್ನು ನಿಯಂತ್ರಣಕ್ಕೆ ತರಲಾಗಿದ್ದು, ರಕ್ಷಣಾ ಕಾರ್ಯಾಚರಣೆ ಮುಂದುವರಿದಿದೆ ಎಂದು ಕೋಲ್ಕತ್ತಾ ಪೊಲೀಸ್ ಆಯುಕ್ತ ಮನೋಜ್ ಕುಮಾರ್ ವರ್ಮಾ ತಿಳಿಸಿದ್ದಾರೆ. 14 ಶವಗಳನ್ನು ಹೊರತೆಗೆಯಲಾಗಿದ್ದು, ಹಲವರನ್ನು ರಕ್ಷಿಸಲಾಗಿದೆ. ಬೆಂಕಿಗೆ ನಿಖರ ಕಾರಣ ತಿಳಿದುಬರಬೇಕಿದೆ. ತನಿಖೆಗಾಗಿ ವಿಶೇಷ ತಂಡ ರಚಿಸಲಾಗಿದೆ ಎಂದು ಅವರು ಹೇಳಿದರು. ಮೃತರ ಕುಟುಂಬಗಳಿಗೆ ಪರಿಹಾರ ಘೋಷಿಸಲಾಗಿದೆ.
ಇದು ಒಂದು ದುರಂತ ಘಟನೆ. ಬೆಂಕಿ ಅವಘಡದ ಕುರಿತು ಸಮಗ್ರ ತನಿಖೆ ನಡೆಸಲಾಗುವುದು ಎಂದು ಮುಖ್ಯಮಂತ್ರಿ ಕಚೇರಿ ತಿಳಿಸಿದೆ.
ತಾಲೂಕು ಕಚೇರಿ ಸಿಬ್ಬಂದಿ ಅನುಮಾನಾಸ್ಪದ ಸಾವು
ಪತ್ನಿ, ಕುಟುಂಬಸ್ಥರ ವಿರುದ್ಧವೇ ಕೊಲೆ ಆರೋಪ
ಹಾಸನ: ತಾಲೂಕು ಕಚೇರಿ ಸಿಬ್ಬಂದಿ ಅನುಮಾನಾಸ್ಪದ ರೀತಿಯಲ್ಲಿ ಸಾವನ್ನಪ್ಪಿದ್ದು, ಪತ್ನಿ ಹಾಗೂ ಆಕೆಯ ಕುಟುಂಬಸ್ಥರೇ ಕೊಲೆ ಮಾಡಿದ್ದಾರೆ ಎಂದು ಮೃತನ ಪೋಷಕರು ಆರೋಪಿಸಿದ್ದಾರೆ. ಮೃತನನ್ನು ಸತೀಶ್ (43) ಎಂದು ಗುರುತಿಸಲಾಗಿದೆ. ದಂಪತಿ ನಡುವೆ ಕೌಟುಂಬಿಕ ಕಲಹವಿತ್ತು ಎನ್ನಲಾಗಿದೆ. ಪೊಲೀಸರು ಪ್ರಕರಣ ದಾಖಲಿಸಿಕೊಂಡು ತನಿಖೆ ಕೈಗೊಂಡಿದ್ದಾರೆ. ಮರಣೋತ್ತರ ಪರೀಕ್ಷೆ ವರದಿ ಬಂದ ಬಳಿಕ ಸಾವಿನ ನಿಖರ ಕಾರಣ ತಿಳಿಯಲಿದೆ ಎಂದು ಪೊಲೀಸರು ಹೇಳಿದ್ದಾರೆ.
ವಕೀಲರ ನೇಮಿಸಿಕೊಳ್ಳದ ಪ್ರಜ್ವಲ್‌ಗೆ ಉಚಿತ ಕಾನೂನು ಸೇವೆ
ಕೋರ್ಟ್‌ನಿಂದಲೇ ವಕೀಲರ ನೇಮಕ
ಬೆಂಗಳೂರು: ಮಾಜಿ ಸಂಸದ ಪ್ರಜ್ವಲ್ ರೇವಣ್ಣ ವಿರುದ್ಧದ ಪ್ರಕರಣದಲ್ಲಿ ವಕೀಲರನ್ನು ನೇಮಿಸಿಕೊಳ್ಳದ ಹಿನ್ನೆಲೆಯಲ್ಲಿ ಕೋರ್ಟ್ ವತಿಯಿಂದಲೇ ಉಚಿತ ಕಾನೂನು ಸೇವೆ ಒದಗಿಸಲು ನ್ಯಾಯಾಲಯ ಆದೇಶಿಸಿದೆ. ಪ್ರಕರಣದ ವಿಚಾರಣೆ ನಡೆಸಿದ ವಿಶೇಷ ನ್ಯಾಯಾಲಯ, ಆರೋಪಿಗೆ ಕಾನೂನು ನೆರವು ನೀಡುವುದು ಕಡ್ಡಾಯ ಎಂದು ಅಭಿಪ್ರಾಯಪಟ್ಟಿದೆ. ಮುಂದಿನ ವಿಚಾರಣೆಯನ್ನು ಮುಂದೂಡಲಾಗಿದೆ. ಕಾನೂನು ಸೇವಾ ಪ್ರಾಧಿಕಾರದಿಂದ ವಕೀಲರನ್ನು ನೇಮಿಸಲಾಗಿದ್ದು, ಅವರು ಆರೋಪಿಯ ಪರ ವಾದ ಮಂಡಿಸಲಿದ್ದಾರೆ.
